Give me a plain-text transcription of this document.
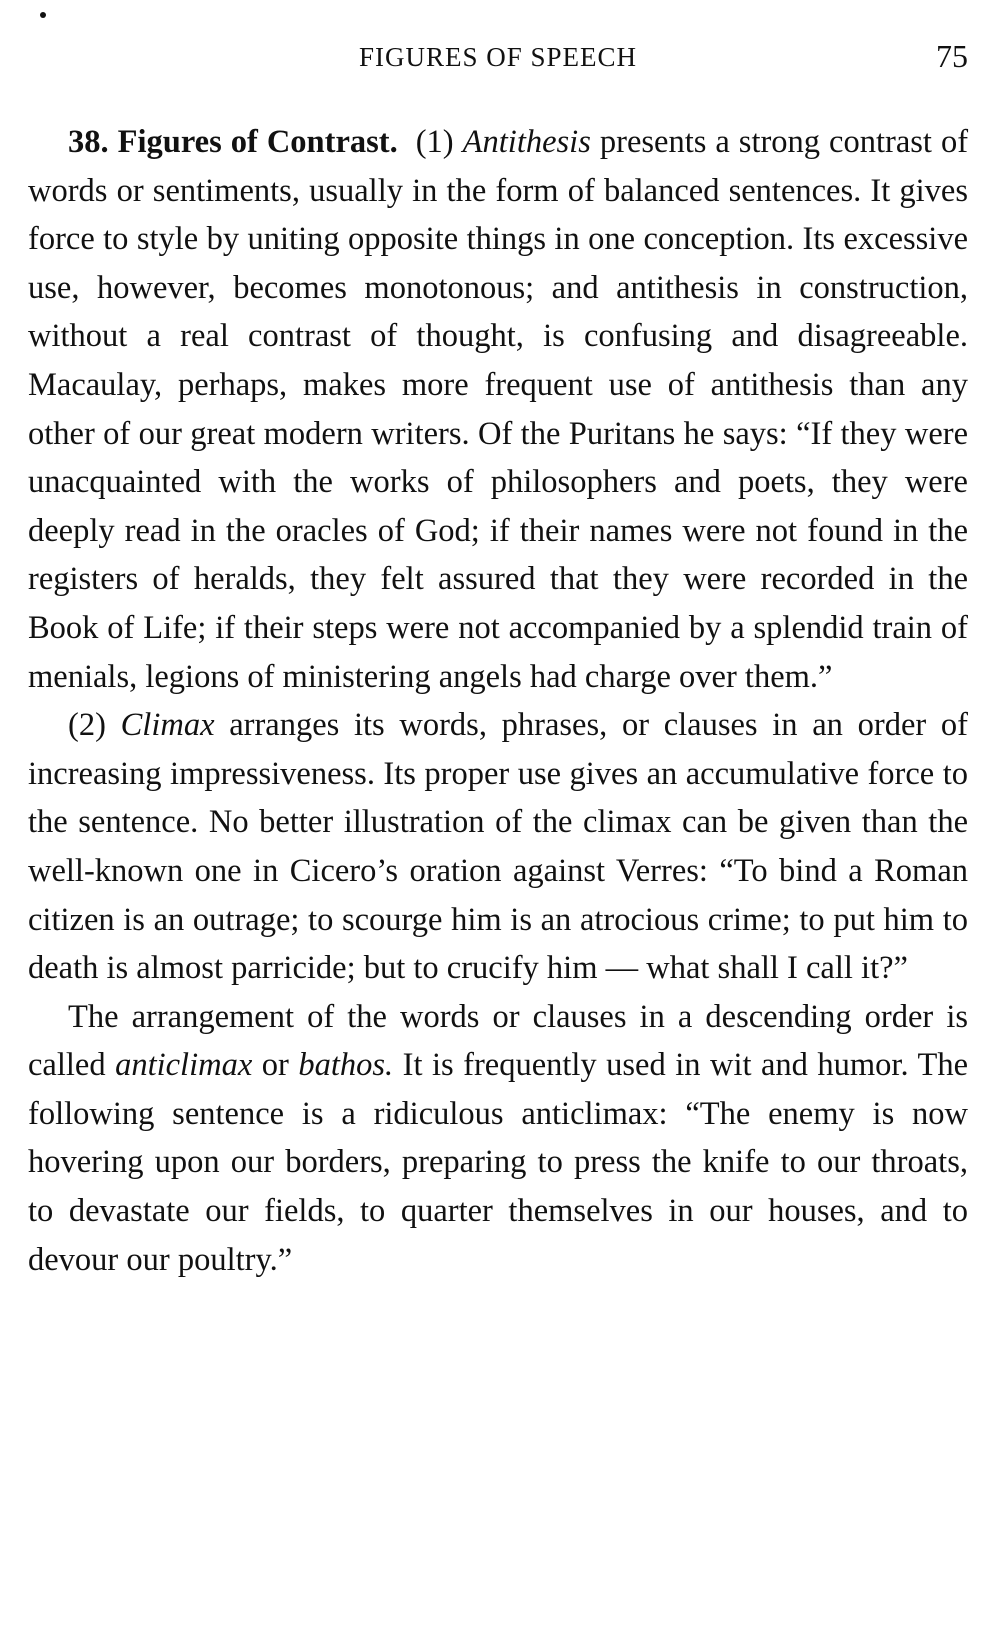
FIGURES OF SPEECH	75

38. Figures of Contrast. (1) Antithesis presents a strong contrast of words or sentiments, usually in the form of balanced sentences. It gives force to style by uniting opposite things in one conception. Its excessive use, however, becomes monotonous; and antithesis in construction, without a real contrast of thought, is confusing and disagreeable. Macaulay, perhaps, makes more frequent use of antithesis than any other of our great modern writers. Of the Puritans he says: “If they were unacquainted with the works of philosophers and poets, they were deeply read in the oracles of God; if their names were not found in the registers of heralds, they felt assured that they were recorded in the Book of Life; if their steps were not accompanied by a splendid train of menials, legions of ministering angels had charge over them.”

(2) Climax arranges its words, phrases, or clauses in an order of increasing impressiveness. Its proper use gives an accumulative force to the sentence. No better illustration of the climax can be given than the well-known one in Cicero’s oration against Verres: “To bind a Roman citizen is an outrage; to scourge him is an atrocious crime; to put him to death is almost parricide; but to crucify him — what shall I call it?”

The arrangement of the words or clauses in a descending order is called anticlimax or bathos. It is frequently used in wit and humor. The following sentence is a ridiculous anticlimax: “The enemy is now hovering upon our borders, preparing to press the knife to our throats, to devastate our fields, to quarter themselves in our houses, and to devour our poultry.”
